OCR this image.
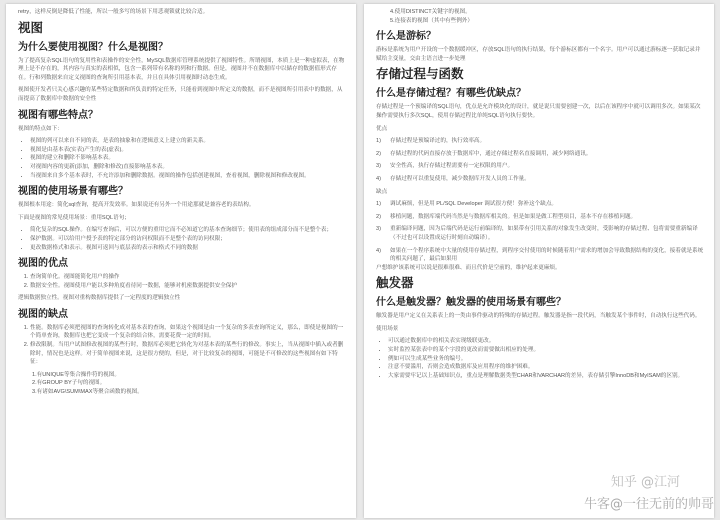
retry，这样反倒是降低了性能，所以一般多写的场景下用悲观锁就比较合适。

视图
为什么要使用视图？什么是视图？

为了提高复杂SQL语句的复用性和表操作的安全性，MySQL数据库管理系统提供了视图特性。所谓视图，本质上是一种虚拟表，在物理上是不存在的，其内容与真实的表相似，包含一系列带有名称的列和行数据。但是，视图并不在数据库中以储存的数据值形式存在。行和列数据来自定义视图的查询所引用基本表，并且在具体引用视图时动态生成。

视图使开发者只关心感兴趣的某些特定数据和所负责的特定任务，只能看到视图中所定义的数据，而不是视图所引用表中的数据，从而提高了数据库中数据的安全性

视图有哪些特点？

视图的特点如下：

• 视图的列可以来自不同的表，是表的抽象和在逻辑意义上建立的新关系。
• 视图是由基本表(实表)产生的表(虚表)。
• 视图的建立和删除不影响基本表。
• 对视图内容的更新(添加，删除和修改)直接影响基本表。
• 当视图来自多个基本表时，不允许添加和删除数据。视图的操作包括创建视图，查看视图，删除视图和修改视图。
视图的使用场景有哪些？

视图根本用途：简化sql查询，提高开发效率。如果说还有另外一个用途那就是兼容老的表结构。

下面是视图的常见使用场景：重用SQL语句；

• 简化复杂的SQL操作。在编写查询后，可以方便的重用它而不必知道它的基本查询细节；使用表的组成部分而不是整个表；
• 保护数据。可以给用户授予表的特定部分的访问权限而不是整个表的访问权限；
• 更改数据格式和表示。视图可返回与底层表的表示和格式不同的数据
视图的优点
1. 查询简单化。视图能简化用户的操作
2. 数据安全性。视图使用户能以多种角度看待同一数据，能够对机密数据提供安全保护

逻辑数据独立性。视图对重构数据库提供了一定程度的逻辑独立性

视图的缺点
1. 性能。数据库必须把视图的查询转化成对基本表的查询，如果这个视图是由一个复杂的多表查询所定义，那么，即使是视图的一个简单查询，数据库也把它变成一个复杂的结合体，需要花费一定的时间。
2. 修改限制。当用户试图修改视图的某些行时，数据库必须把它转化为对基本表的某些行的修改。事实上，当从视图中插入或者删除时，情况也是这样。对于简单视图来说，这是很方便的，但是，对于比较复杂的视图，可能是不可修改的这些视图有如下特征：

1.有UNIQUE等集合操作符的视图。

2.有GROUP BY子句的视图。

3.有诸如AVG\SUM\MAX等聚合函数的视图。

4.使用DISTINCT关键字的视图。

5.连接表的视图（其中有些例外）

什么是游标？

游标是系统为用户开设的一个数据缓冲区，存放SQL语句的执行结果，每个游标区都有一个名字。用户可以通过游标逐一获取记录并赋给主变量，交由主语言进一步处理

存储过程与函数
什么是存储过程？有哪些优缺点？

存储过程是一个预编译的SQL语句，优点是允许模块化的设计，就是说只需要创建一次，以后在该程序中就可以调用多次。如果某次操作需要执行多次SQL，使用存储过程比单纯SQL语句执行要快。

优点

1)	存储过程是预编译过的，执行效率高。
2)	存储过程的代码直接存放于数据库中，通过存储过程名直接调用，减少网络通讯。
3)	安全性高，执行存储过程需要有一定权限的用户。
4)	存储过程可以重复使用，减少数据库开发人员的工作量。

缺点

1)	调试麻烦，但是用 PL/SQL Developer 调试很方便！弥补这个缺点。
2)	移植问题，数据库端代码当然是与数据库相关的。但是如果是做工程型项目，基本不存在移植问题。
3)	重新编译问题，因为后端代码是运行前编译的，如果带有引用关系的对象发生改变时，受影响的存储过程、包将需要重新编译（不过也可以设置成运行时刻自动编译）。
4)	如果在一个程序系统中大量的使用存储过程，到程序交付使用的时候随着用户需求的增加会导致数据结构的变化，接着就是系统的相关问题了，最后如果用

户想维护该系统可以说是很难很难、而且代价是空前的，维护起来更麻烦。

触发器
什么是触发器？触发器的使用场景有哪些？

触发器是用户定义在关系表上的一类由事件驱动的特殊的存储过程。触发器是指一段代码，当触发某个事件时，自动执行这些代码。

使用场景

• 可以通过数据库中的相关表实现级联更改。
• 实时监控某张表中的某个字段的更改而需要做出相应的处理。
• 例如可以生成某些业务的编号。
• 注意不要滥用，否则会造成数据库及应用程序的维护困难。
• 大家需要牢记以上基础知识点，重点是理解数据类型CHAR和VARCHAR的差异，表存储引擎InnoDB和MyISAM的区别。
知乎 @江河
牛客@一往无前的帅哥
